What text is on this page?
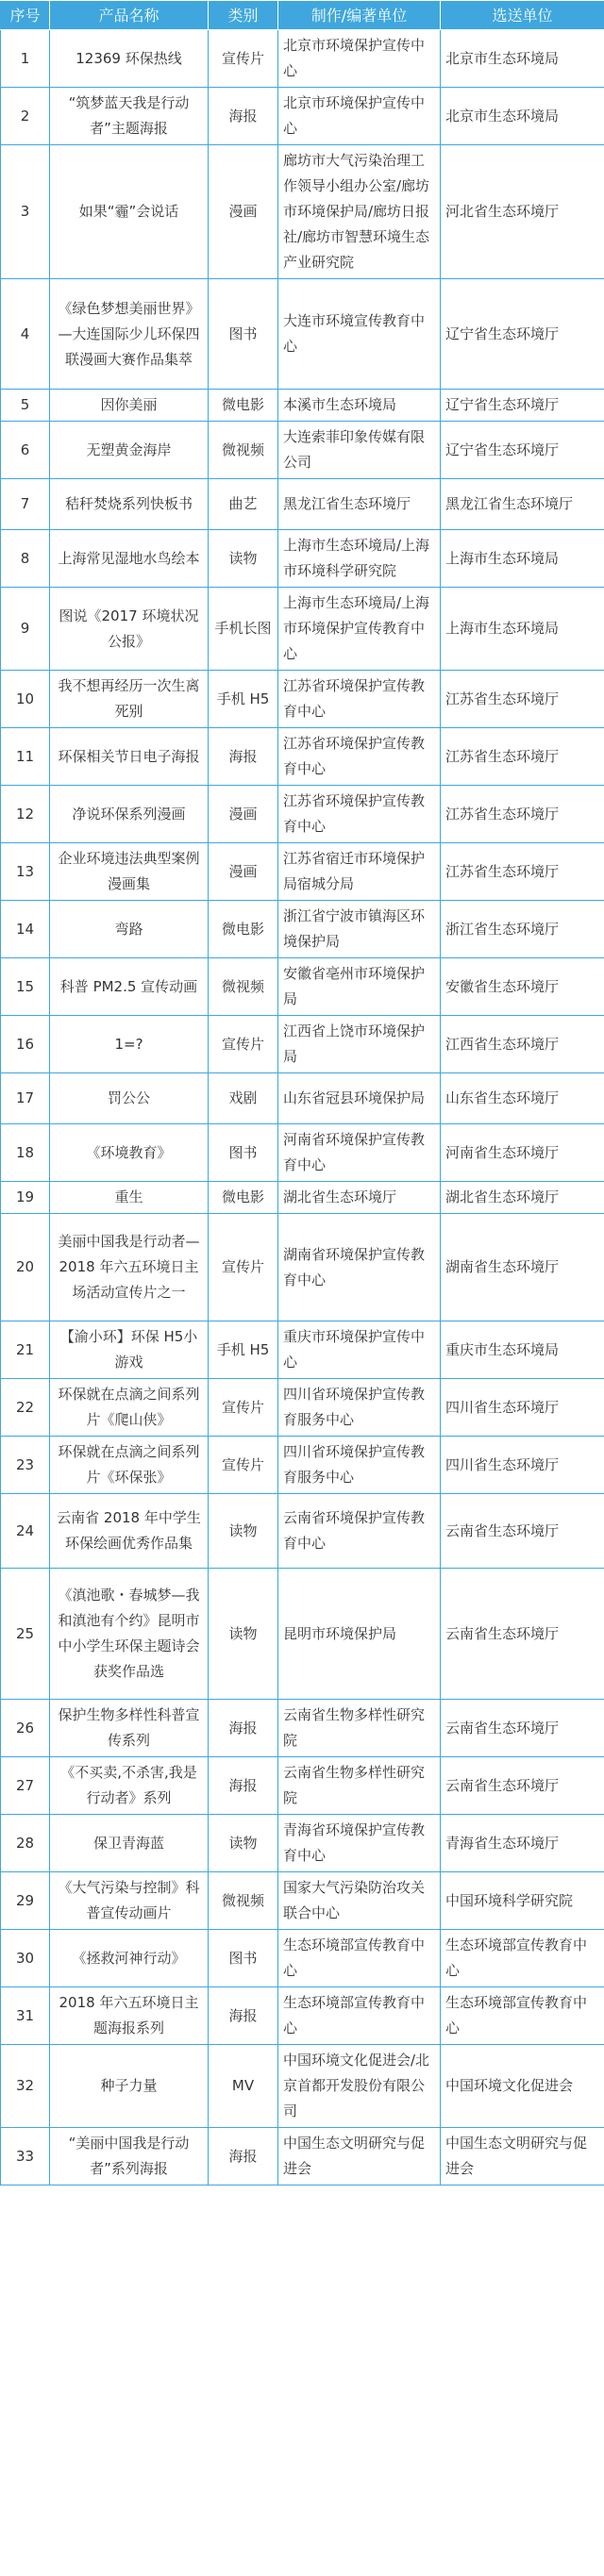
序号	产品名称	类别	制作/编著单位	选送单位
1	12369 环保热线	宣传片	北京市环境保护宣传中心	北京市生态环境局
2	“筑梦蓝天我是行动者”主题海报	海报	北京市环境保护宣传中心	北京市生态环境局
3	如果“霾”会说话	漫画	廊坊市大气污染治理工作领导小组办公室/廊坊市环境保护局/廊坊日报社/廊坊市智慧环境生态产业研究院	河北省生态环境厅
4	《绿色梦想美丽世界》—大连国际少儿环保四联漫画大赛作品集萃	图书	大连市环境宣传教育中心	辽宁省生态环境厅
5	因你美丽	微电影	本溪市生态环境局	辽宁省生态环境厅
6	无塑黄金海岸	微视频	大连索菲印象传媒有限公司	辽宁省生态环境厅
7	秸秆焚烧系列快板书	曲艺	黑龙江省生态环境厅	黑龙江省生态环境厅
8	上海常见湿地水鸟绘本	读物	上海市生态环境局/上海市环境科学研究院	上海市生态环境局
9	图说《2017 环境状况公报》	手机长图	上海市生态环境局/上海市环境保护宣传教育中心	上海市生态环境局
10	我不想再经历一次生离死别	手机 H5	江苏省环境保护宣传教育中心	江苏省生态环境厅
11	环保相关节日电子海报	海报	江苏省环境保护宣传教育中心	江苏省生态环境厅
12	净说环保系列漫画	漫画	江苏省环境保护宣传教育中心	江苏省生态环境厅
13	企业环境违法典型案例漫画集	漫画	江苏省宿迁市环境保护局宿城分局	江苏省生态环境厅
14	弯路	微电影	浙江省宁波市镇海区环境保护局	浙江省生态环境厅
15	科普 PM2.5 宣传动画	微视频	安徽省亳州市环境保护局	安徽省生态环境厅
16	1=?	宣传片	江西省上饶市环境保护局	江西省生态环境厅
17	罚公公	戏剧	山东省冠县环境保护局	山东省生态环境厅
18	《环境教育》	图书	河南省环境保护宣传教育中心	河南省生态环境厅
19	重生	微电影	湖北省生态环境厅	湖北省生态环境厅
20	美丽中国我是行动者—2018 年六五环境日主场活动宣传片之一	宣传片	湖南省环境保护宣传教育中心	湖南省生态环境厅
21	【渝小环】环保 H5小游戏	手机 H5	重庆市环境保护宣传中心	重庆市生态环境局
22	环保就在点滴之间系列片《爬山侠》	宣传片	四川省环境保护宣传教育服务中心	四川省生态环境厅
23	环保就在点滴之间系列片《环保张》	宣传片	四川省环境保护宣传教育服务中心	四川省生态环境厅
24	云南省 2018 年中学生环保绘画优秀作品集	读物	云南省环境保护宣传教育中心	云南省生态环境厅
25	《滇池歌・春城梦—我和滇池有个约》昆明市中小学生环保主题诗会获奖作品选	读物	昆明市环境保护局	云南省生态环境厅
26	保护生物多样性科普宣传系列	海报	云南省生物多样性研究院	云南省生态环境厅
27	《不买卖,不杀害,我是行动者》系列	海报	云南省生物多样性研究院	云南省生态环境厅
28	保卫青海蓝	读物	青海省环境保护宣传教育中心	青海省生态环境厅
29	《大气污染与控制》科普宣传动画片	微视频	国家大气污染防治攻关联合中心	中国环境科学研究院
30	《拯救河神行动》	图书	生态环境部宣传教育中心	生态环境部宣传教育中心
31	2018 年六五环境日主题海报系列	海报	生态环境部宣传教育中心	生态环境部宣传教育中心
32	种子力量	MV	中国环境文化促进会/北京首都开发股份有限公司	中国环境文化促进会
33	“美丽中国我是行动者”系列海报	海报	中国生态文明研究与促进会	中国生态文明研究与促进会
